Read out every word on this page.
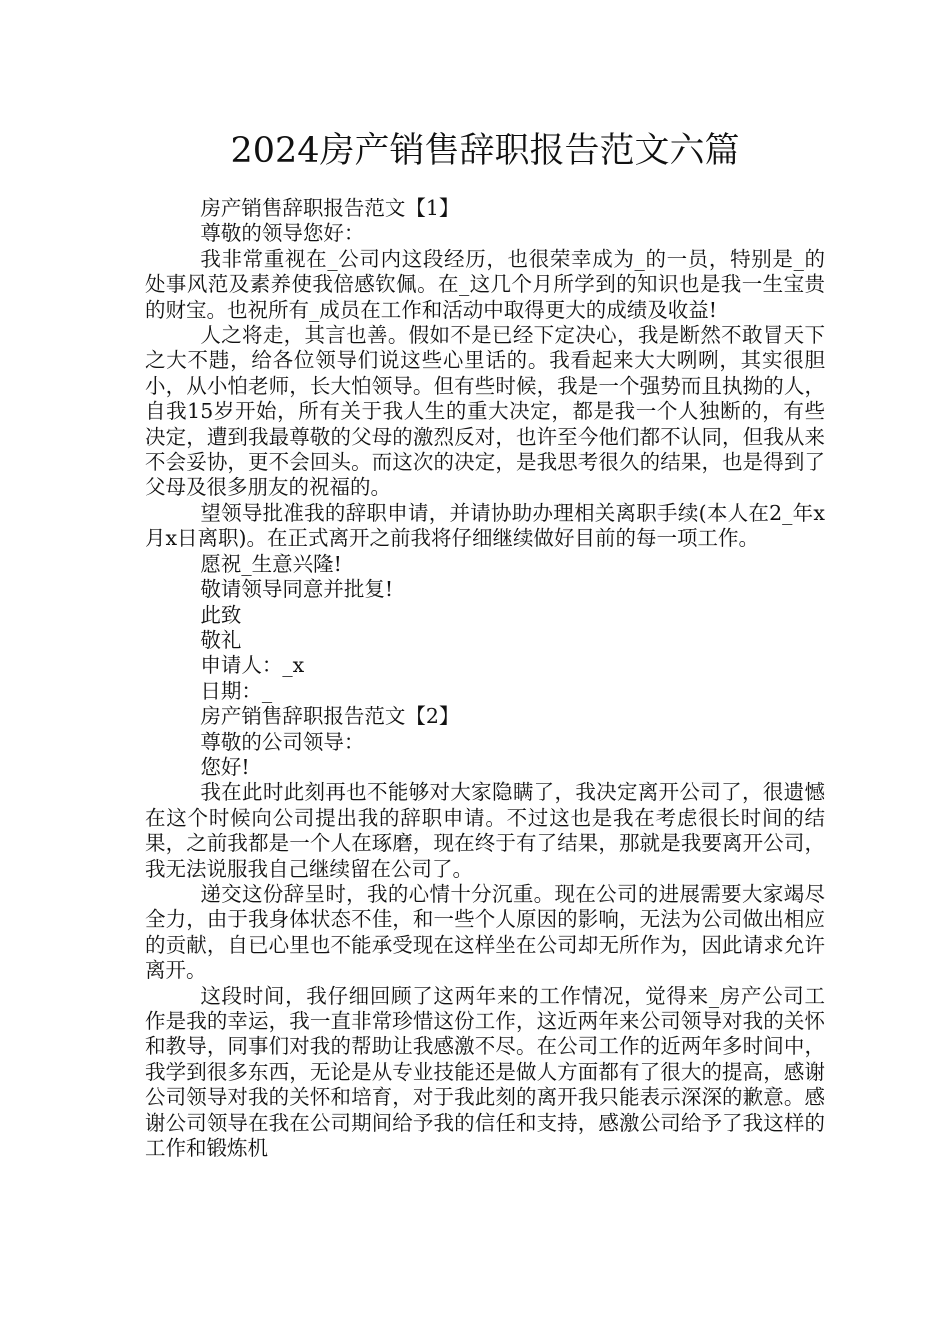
2024房产销售辞职报告范文六篇

房产销售辞职报告范文【1】

尊敬的领导您好：

我非常重视在_公司内这段经历，也很荣幸成为_的一员，特别是_的处事风范及素养使我倍感钦佩。在_这几个月所学到的知识也是我一生宝贵的财宝。也祝所有_成员在工作和活动中取得更大的成绩及收益!

人之将走，其言也善。假如不是已经下定决心，我是断然不敢冒天下之大不韪，给各位领导们说这些心里话的。我看起来大大咧咧，其实很胆小，从小怕老师，长大怕领导。但有些时候，我是一个强势而且执拗的人，自我15岁开始，所有关于我人生的重大决定，都是我一个人独断的，有些决定，遭到我最尊敬的父母的激烈反对，也许至今他们都不认同，但我从来不会妥协，更不会回头。而这次的决定，是我思考很久的结果，也是得到了父母及很多朋友的祝福的。

望领导批准我的辞职申请，并请协助办理相关离职手续(本人在2_年x月x日离职)。在正式离开之前我将仔细继续做好目前的每一项工作。

愿祝_生意兴隆!

敬请领导同意并批复!

此致

敬礼

申请人：_x

日期：_

房产销售辞职报告范文【2】

尊敬的公司领导：

您好!

我在此时此刻再也不能够对大家隐瞒了，我决定离开公司了，很遗憾在这个时候向公司提出我的辞职申请。不过这也是我在考虑很长时间的结果，之前我都是一个人在琢磨，现在终于有了结果，那就是我要离开公司，我无法说服我自己继续留在公司了。

递交这份辞呈时，我的心情十分沉重。现在公司的进展需要大家竭尽全力，由于我身体状态不佳，和一些个人原因的影响，无法为公司做出相应的贡献，自已心里也不能承受现在这样坐在公司却无所作为，因此请求允许离开。

这段时间，我仔细回顾了这两年来的工作情况，觉得来_房产公司工作是我的幸运，我一直非常珍惜这份工作，这近两年来公司领导对我的关怀和教导，同事们对我的帮助让我感激不尽。在公司工作的近两年多时间中，我学到很多东西，无论是从专业技能还是做人方面都有了很大的提高，感谢公司领导对我的关怀和培育，对于我此刻的离开我只能表示深深的歉意。感谢公司领导在我在公司期间给予我的信任和支持，感激公司给予了我这样的工作和锻炼机
